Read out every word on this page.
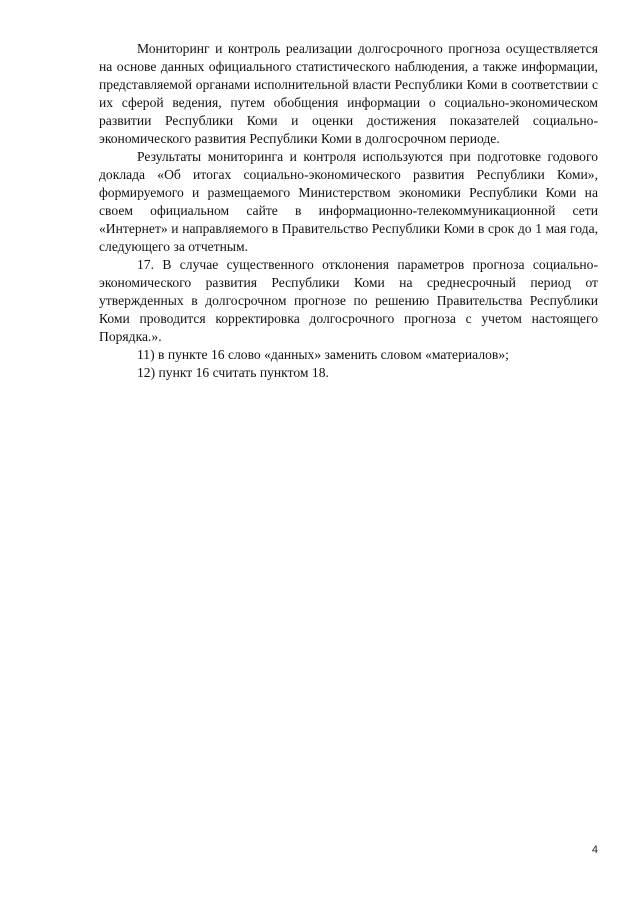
Мониторинг и контроль реализации долгосрочного прогноза осуществляется на основе данных официального статистического наблюдения, а также информации, представляемой органами исполнительной власти Республики Коми в соответствии с их сферой ведения, путем обобщения информации о социально-экономическом развитии Республики Коми и оценки достижения показателей социально-экономического развития Республики Коми в долгосрочном периоде.

Результаты мониторинга и контроля используются при подготовке годового доклада «Об итогах социально-экономического развития Республики Коми», формируемого и размещаемого Министерством экономики Республики Коми на своем официальном сайте в информационно-телекоммуникационной сети «Интернет» и направляемого в Правительство Республики Коми в срок до 1 мая года, следующего за отчетным.

17. В случае существенного отклонения параметров прогноза социально-экономического развития Республики Коми на среднесрочный период от утвержденных в долгосрочном прогнозе по решению Правительства Республики Коми проводится корректировка долгосрочного прогноза с учетом настоящего Порядка.».

11) в пункте 16 слово «данных» заменить словом «материалов»;

12) пункт 16 считать пунктом 18.

4
